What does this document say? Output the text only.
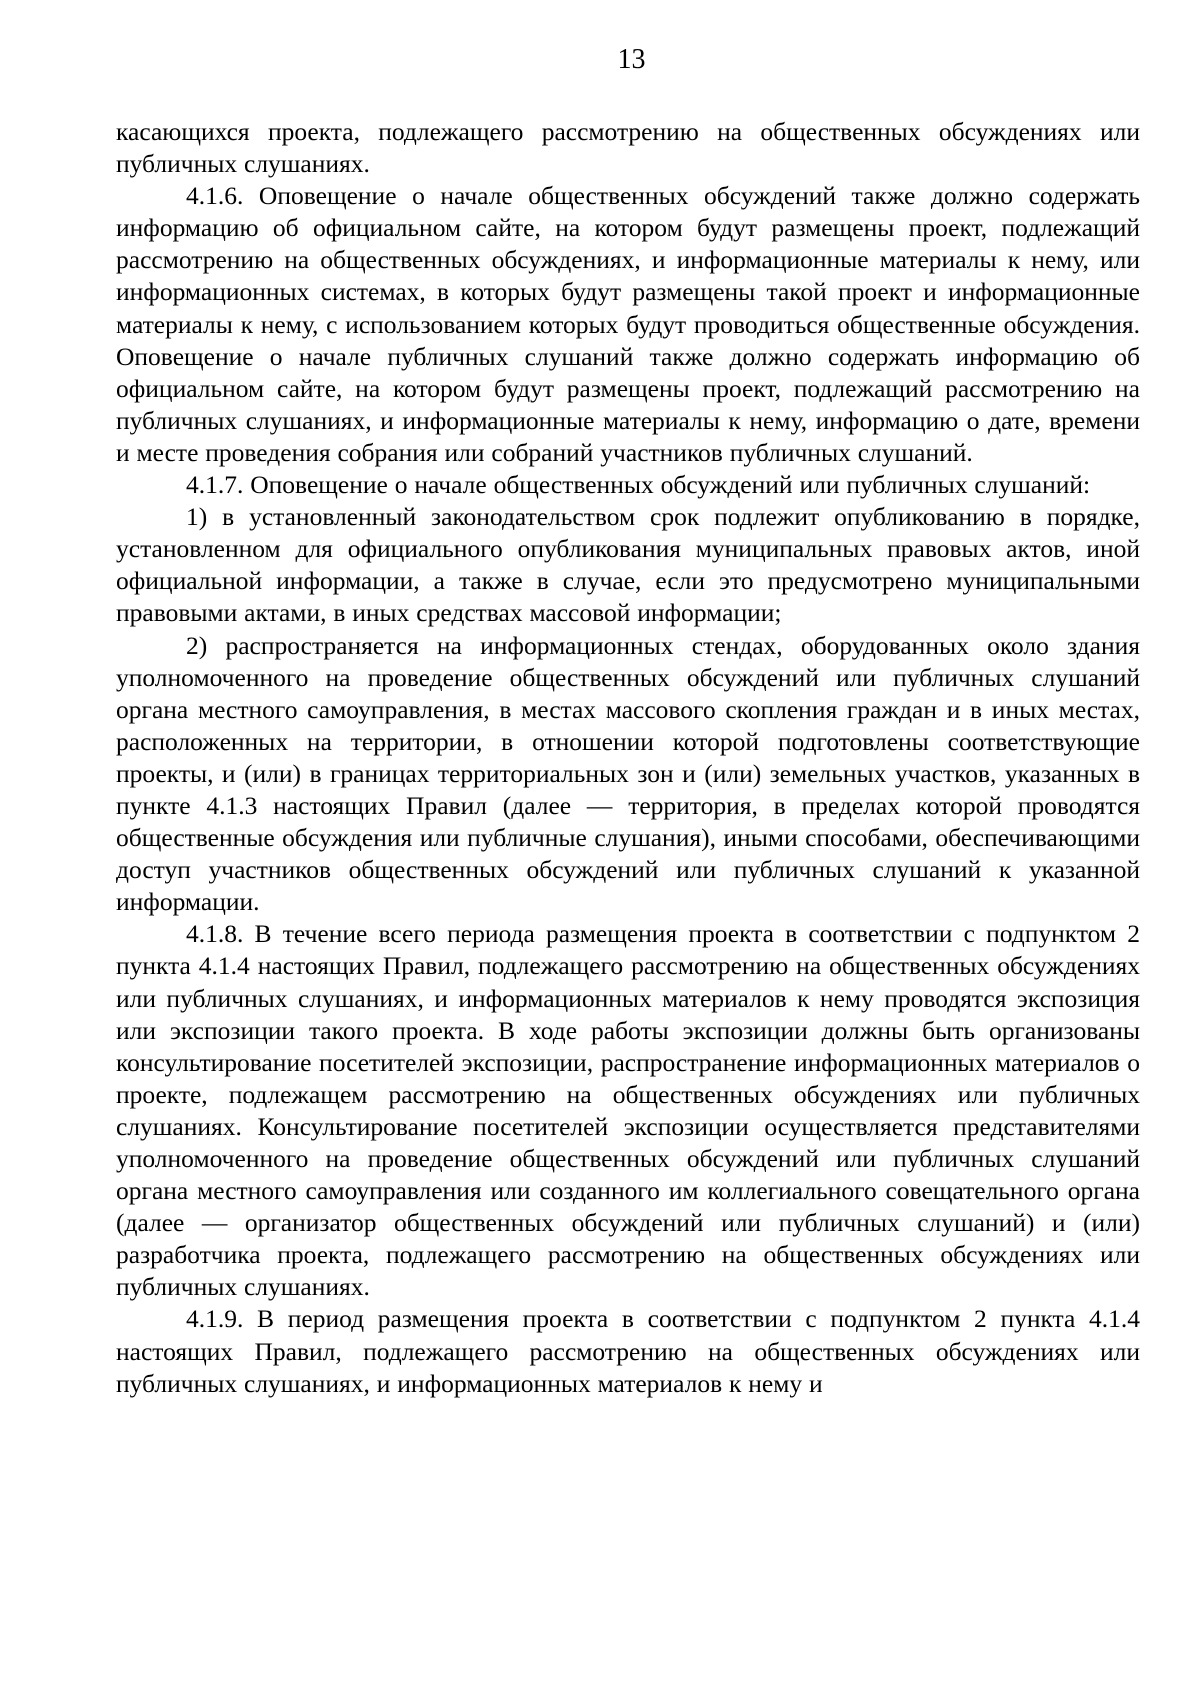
13

касающихся проекта, подлежащего рассмотрению на общественных обсуждениях или публичных слушаниях.

4.1.6. Оповещение о начале общественных обсуждений также должно содержать информацию об официальном сайте, на котором будут размещены проект, подлежащий рассмотрению на общественных обсуждениях, и информационные материалы к нему, или информационных системах, в которых будут размещены такой проект и информационные материалы к нему, с использованием которых будут проводиться общественные обсуждения. Оповещение о начале публичных слушаний также должно содержать информацию об официальном сайте, на котором будут размещены проект, подлежащий рассмотрению на публичных слушаниях, и информационные материалы к нему, информацию о дате, времени и месте проведения собрания или собраний участников публичных слушаний.

4.1.7. Оповещение о начале общественных обсуждений или публичных слушаний:

1) в установленный законодательством срок подлежит опубликованию в порядке, установленном для официального опубликования муниципальных правовых актов, иной официальной информации, а также в случае, если это предусмотрено муниципальными правовыми актами, в иных средствах массовой информации;

2) распространяется на информационных стендах, оборудованных около здания уполномоченного на проведение общественных обсуждений или публичных слушаний органа местного самоуправления, в местах массового скопления граждан и в иных местах, расположенных на территории, в отношении которой подготовлены соответствующие проекты, и (или) в границах территориальных зон и (или) земельных участков, указанных в пункте 4.1.3 настоящих Правил (далее — территория, в пределах которой проводятся общественные обсуждения или публичные слушания), иными способами, обеспечивающими доступ участников общественных обсуждений или публичных слушаний к указанной информации.

4.1.8. В течение всего периода размещения проекта в соответствии с подпунктом 2 пункта 4.1.4 настоящих Правил, подлежащего рассмотрению на общественных обсуждениях или публичных слушаниях, и информационных материалов к нему проводятся экспозиция или экспозиции такого проекта. В ходе работы экспозиции должны быть организованы консультирование посетителей экспозиции, распространение информационных материалов о проекте, подлежащем рассмотрению на общественных обсуждениях или публичных слушаниях. Консультирование посетителей экспозиции осуществляется представителями уполномоченного на проведение общественных обсуждений или публичных слушаний органа местного самоуправления или созданного им коллегиального совещательного органа (далее — организатор общественных обсуждений или публичных слушаний) и (или) разработчика проекта, подлежащего рассмотрению на общественных обсуждениях или публичных слушаниях.

4.1.9. В период размещения проекта в соответствии с подпунктом 2 пункта 4.1.4 настоящих Правил, подлежащего рассмотрению на общественных обсуждениях или публичных слушаниях, и информационных материалов к нему и
